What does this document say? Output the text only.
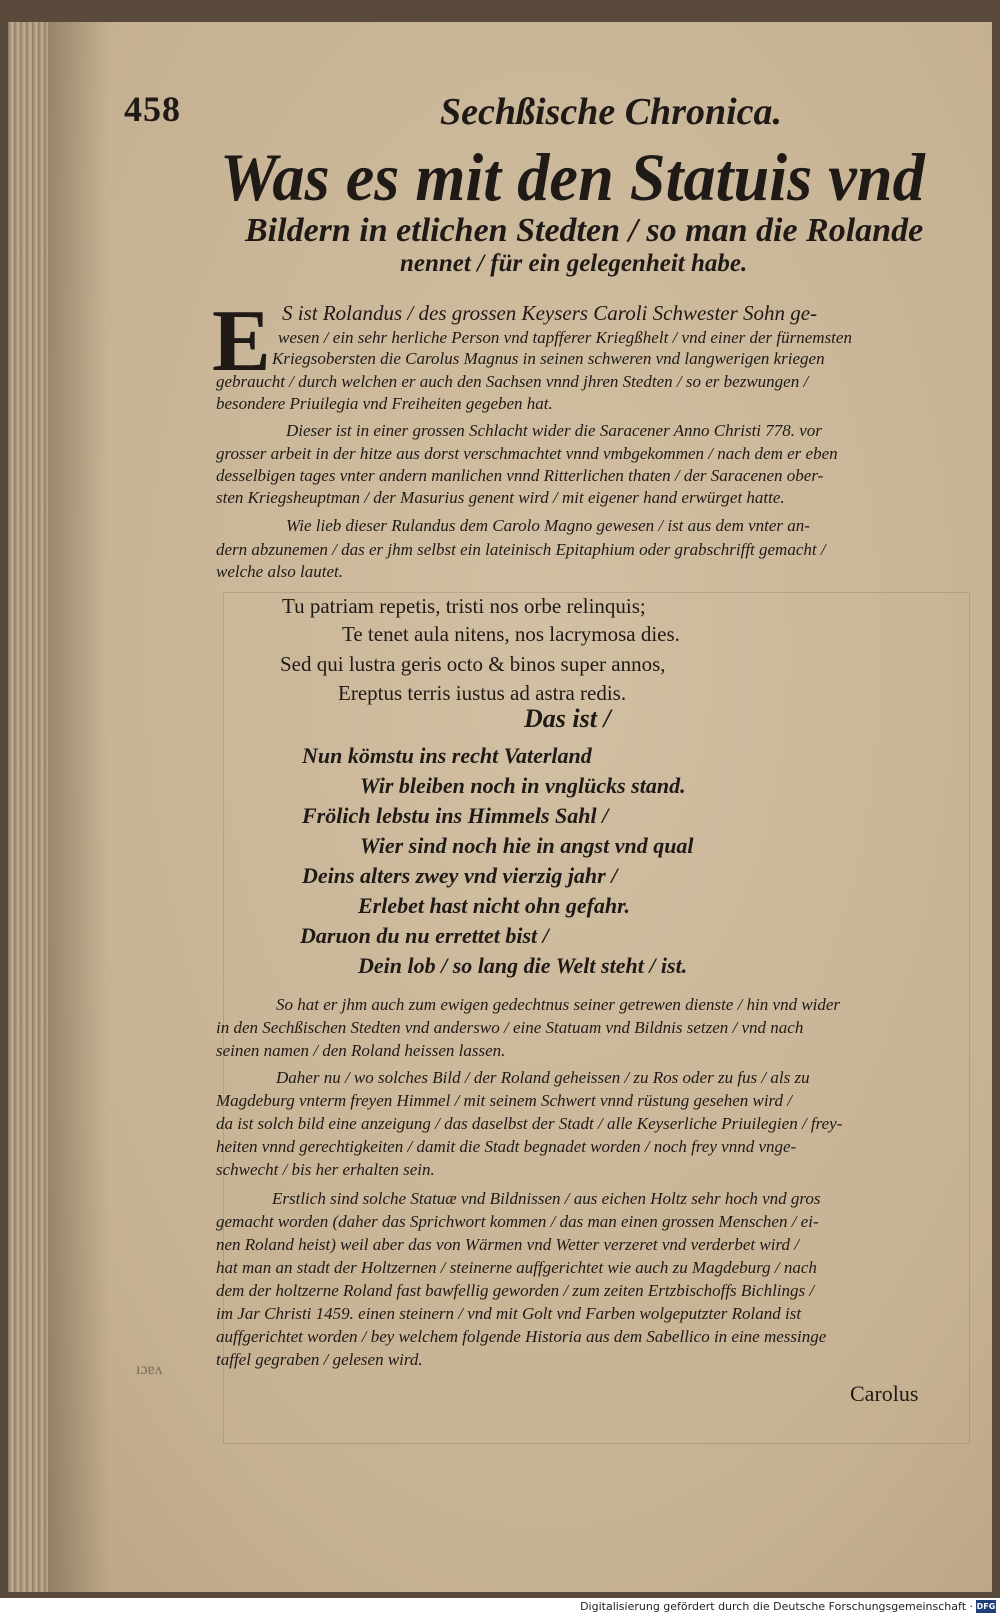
458	Sechßische Chronica.
Was es mit den Statuis vnd
Bildern in etlichen Stedten / so man die Rolande
nennet / für ein gelegenheit habe.
E S ist Rolandus / des grossen Keysers Caroli Schwester Sohn ge-
wesen / ein sehr herliche Person vnd tapfferer Kriegßhelt / vnd einer der fürnemsten
Kriegsobersten die Carolus Magnus in seinen schweren vnd langwerigen kriegen
gebraucht / durch welchen er auch den Sachsen vnnd jhren Stedten / so er bezwungen /
besondere Priuilegia vnd Freiheiten gegeben hat.
Dieser ist in einer grossen Schlacht wider die Saracener Anno Christi 778. vor
grosser arbeit in der hitze aus dorst verschmachtet vnnd vmbgekommen / nach dem er eben
desselbigen tages vnter andern manlichen vnnd Ritterlichen thaten / der Saracenen ober-
sten Kriegsheuptman / der Masurius genent wird / mit eigener hand erwürget hatte.
Wie lieb dieser Rulandus dem Carolo Magno gewesen / ist aus dem vnter an-
dern abzunemen / das er jhm selbst ein lateinisch Epitaphium oder grabschrifft gemacht /
welche also lautet.
Tu patriam repetis, tristi nos orbe relinquis;
Te tenet aula nitens, nos lacrymosa dies.
Sed qui lustra geris octo & binos super annos,
Ereptus terris iustus ad astra redis.
Das ist /
Nun kömstu ins recht Vaterland
Wir bleiben noch in vnglücks stand.
Frölich lebstu ins Himmels Sahl /
Wier sind noch hie in angst vnd qual
Deins alters zwey vnd vierzig jahr /
Erlebet hast nicht ohn gefahr.
Daruon du nu errettet bist /
Dein lob / so lang die Welt steht / ist.
So hat er jhm auch zum ewigen gedechtnus seiner getrewen dienste / hin vnd wider
in den Sechßischen Stedten vnd anderswo / eine Statuam vnd Bildnis setzen / vnd nach
seinen namen / den Roland heissen lassen.
Daher nu / wo solches Bild / der Roland geheissen / zu Ros oder zu fus / als zu
Magdeburg vnterm freyen Himmel / mit seinem Schwert vnnd rüstung gesehen wird /
da ist solch bild eine anzeigung / das daselbst der Stadt / alle Keyserliche Priuilegien / frey-
heiten vnnd gerechtigkeiten / damit die Stadt begnadet worden / noch frey vnnd vnge-
schwecht / bis her erhalten sein.
Erstlich sind solche Statuæ vnd Bildnissen / aus eichen Holtz sehr hoch vnd gros
gemacht worden (daher das Sprichwort kommen / das man einen grossen Menschen / ei-
nen Roland heist) weil aber das von Wärmen vnd Wetter verzeret vnd verderbet wird /
hat man an stadt der Holtzernen / steinerne auffgerichtet wie auch zu Magdeburg / nach
dem der holtzerne Roland fast bawfellig geworden / zum zeiten Ertzbischoffs Bichlings /
im Jar Christi 1459. einen steinern / vnd mit Golt vnd Farben wolgeputzter Roland ist
auffgerichtet worden / bey welchem folgende Historia aus dem Sabellico in eine messinge
taffel gegraben / gelesen wird.
Carolus
ıɔɐʌ
Digitalisierung gefördert durch die Deutsche Forschungsgemeinschaft · DFG
